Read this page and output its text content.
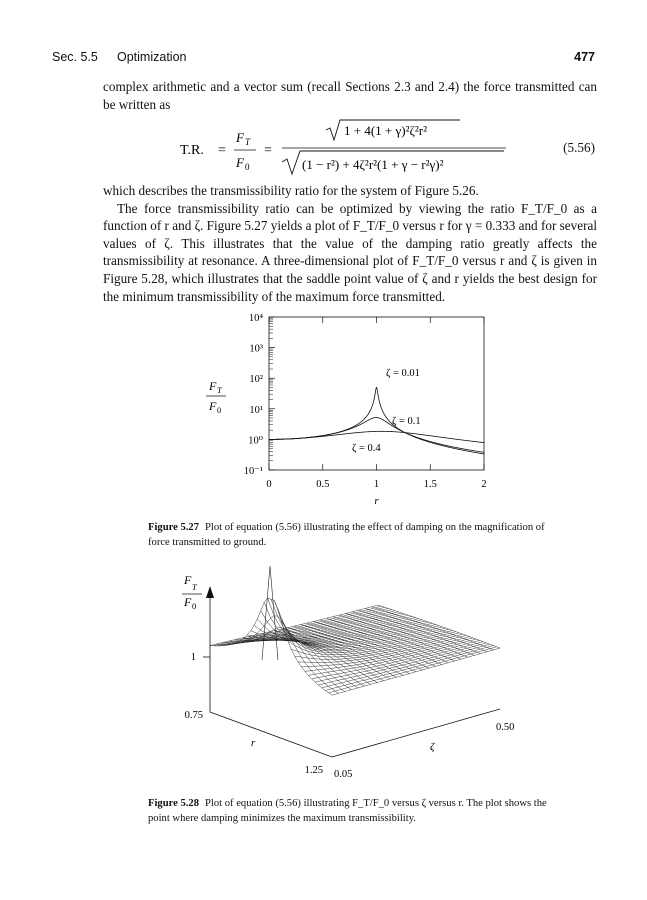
Sec. 5.5 Optimization	477
complex arithmetic and a vector sum (recall Sections 2.3 and 2.4) the force transmitted can be written as
T.R. =
F T
F 0
=
1 + 4(1 + γ)²ζ²r²
(1 − r²) + 4ζ²r²(1 + γ − r²γ)²
(5.56)
which describes the transmissibility ratio for the system of Figure 5.26.
The force transmissibility ratio can be optimized by viewing the ratio F_T/F_0 as a function of r and ζ. Figure 5.27 yields a plot of F_T/F_0 versus r for γ = 0.333 and for several values of ζ. This illustrates that the value of the damping ratio greatly affects the transmissibility at resonance. A three-dimensional plot of F_T/F_0 versus r and ζ is given in Figure 5.28, which illustrates that the saddle point value of ζ and r yields the best design for the minimum transmissibility of the maximum force transmitted.
10⁻¹
10⁰
10¹
10²
10³
10⁴
0	0.5	1	1.5	2
r
F T
F 0
ζ = 0.01
ζ = 0.1
ζ = 0.4
Figure 5.27 Plot of equation (5.56) illustrating the effect of damping on the magnification of force transmitted to ground.
1
0.75
1.25 0.05
0.50
r	ζ
F T
F 0
Figure 5.28 Plot of equation (5.56) illustrating F_T/F_0 versus ζ versus r. The plot shows the point where damping minimizes the maximum transmissibility.
